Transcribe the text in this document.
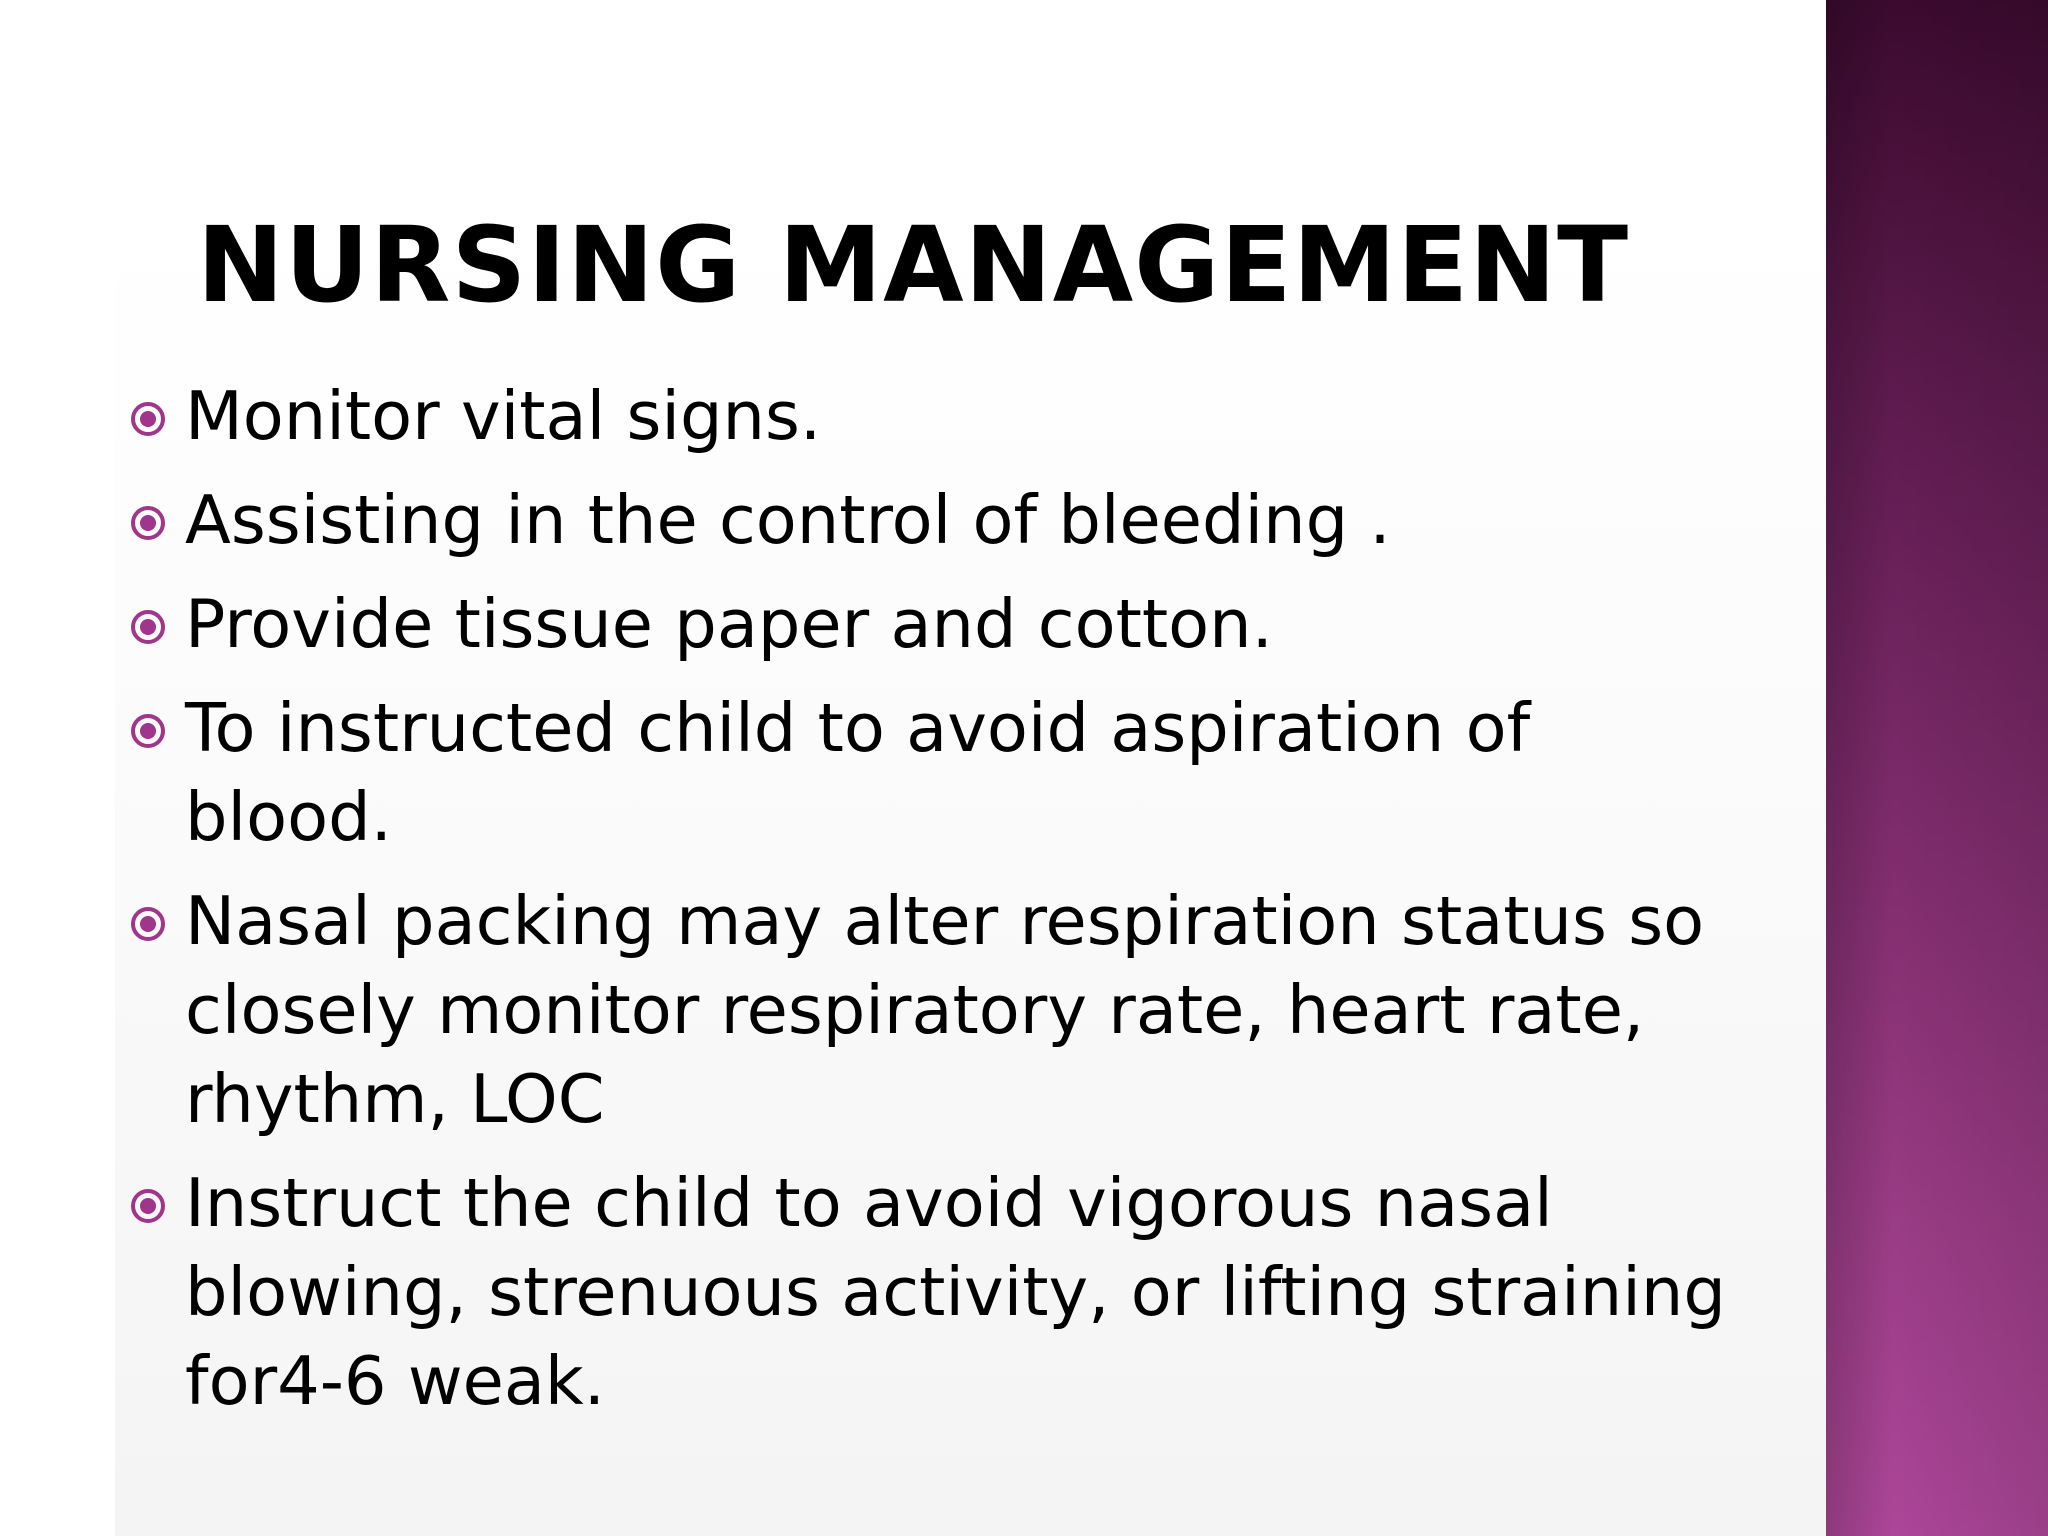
NURSING MANAGEMENT
Monitor vital signs.
Assisting in the control of bleeding .
Provide tissue paper and cotton.
To instructed child to avoid aspiration of blood.
Nasal packing may alter respiration status so closely monitor respiratory rate, heart rate, rhythm, LOC
Instruct the child to avoid vigorous nasal blowing, strenuous activity, or lifting straining for4-6 weak.
